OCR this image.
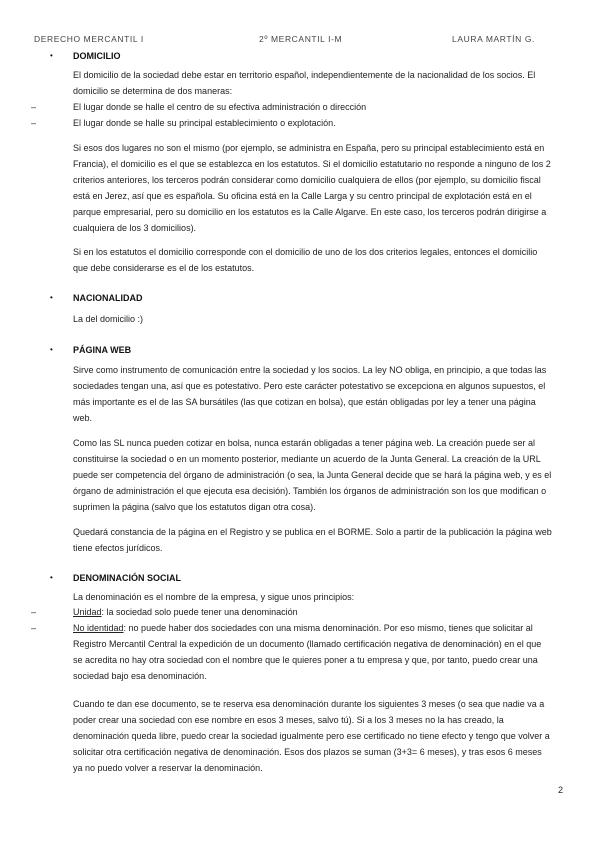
DERECHO MERCANTIL I	2º MERCANTIL I-M	LAURA MARTÍN G.
• DOMICILIO

El domicilio de la sociedad debe estar en territorio español, independientemente de la nacionalidad de los socios. El domicilio se determina de dos maneras:

–	El lugar donde se halle el centro de su efectiva administración o dirección
–	El lugar donde se halle su principal establecimiento o explotación.

Si esos dos lugares no son el mismo (por ejemplo, se administra en España, pero su principal establecimiento está en Francia), el domicilio es el que se establezca en los estatutos. Si el domicilio estatutario no responde a ninguno de los 2 criterios anteriores, los terceros podrán considerar como domicilio cualquiera de ellos (por ejemplo, su domicilio fiscal está en Jerez, así que es española. Su oficina está en la Calle Larga y su centro principal de explotación está en el parque empresarial, pero su domicilio en los estatutos es la Calle Algarve. En este caso, los terceros podrán dirigirse a cualquiera de los 3 domicilios).

Si en los estatutos el domicilio corresponde con el domicilio de uno de los dos criterios legales, entonces el domicilio que debe considerarse es el de los estatutos.

• NACIONALIDAD

La del domicilio :)

• PÁGINA WEB

Sirve como instrumento de comunicación entre la sociedad y los socios. La ley NO obliga, en principio, a que todas las sociedades tengan una, así que es potestativo. Pero este carácter potestativo se excepciona en algunos supuestos, el más importante es el de las SA bursátiles (las que cotizan en bolsa), que están obligadas por ley a tener una página web.

Como las SL nunca pueden cotizar en bolsa, nunca estarán obligadas a tener página web. La creación puede ser al constituirse la sociedad o en un momento posterior, mediante un acuerdo de la Junta General. La creación de la URL puede ser competencia del órgano de administración (o sea, la Junta General decide que se hará la página web, y es el órgano de administración el que ejecuta esa decisión). También los órganos de administración son los que modifican o suprimen la página (salvo que los estatutos digan otra cosa).

Quedará constancia de la página en el Registro y se publica en el BORME. Solo a partir de la publicación la página web tiene efectos jurídicos.

• DENOMINACIÓN SOCIAL

La denominación es el nombre de la empresa, y sigue unos principios:

–	Unidad: la sociedad solo puede tener una denominación
–	No identidad: no puede haber dos sociedades con una misma denominación. Por eso mismo, tienes que solicitar al Registro Mercantil Central la expedición de un documento (llamado certificación negativa de denominación) en el que se acredita no hay otra sociedad con el nombre que le quieres poner a tu empresa y que, por tanto, puedo crear una sociedad bajo esa denominación.

Cuando te dan ese documento, se te reserva esa denominación durante los siguientes 3 meses (o sea que nadie va a poder crear una sociedad con ese nombre en esos 3 meses, salvo tú). Si a los 3 meses no la has creado, la denominación queda libre, puedo crear la sociedad igualmente pero ese certificado no tiene efecto y tengo que volver a solicitar otra certificación negativa de denominación. Esos dos plazos se suman (3+3= 6 meses), y tras esos 6 meses ya no puedo volver a reservar la denominación.

2
